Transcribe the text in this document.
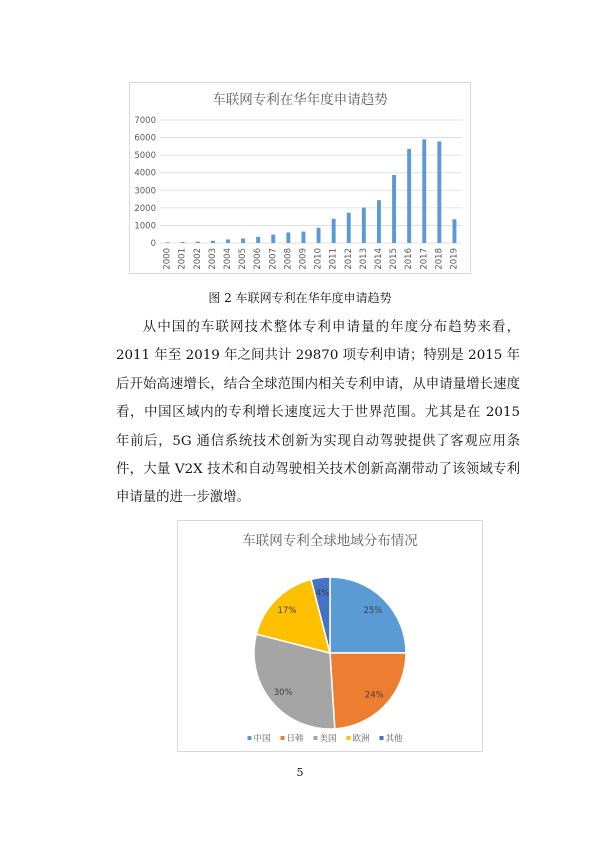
车联网专利在华年度申请趋势
0
1000
2000
3000
4000
5000
6000
7000
2000 2001 2002 2003 2004 2005 2006 2007 2008 2009 2010 2011 2012 2013 2014 2015 2016 2017 2018 2019
图 2 车联网专利在华年度申请趋势
从中国的车联网技术整体专利申请量的年度分布趋势来看，2011 年至 2019 年之间共计 29870 项专利申请；特别是 2015 年后开始高速增长，结合全球范围内相关专利申请，从申请量增长速度看，中国区域内的专利增长速度远大于世界范围。尤其是在 2015 年前后，5G 通信系统技术创新为实现自动驾驶提供了客观应用条件，大量 V2X 技术和自动驾驶相关技术创新高潮带动了该领域专利申请量的进一步激增。
车联网专利全球地域分布情况
25%
24%
30%
17%
4%
中国 日韩 美国 欧洲 其他
5
